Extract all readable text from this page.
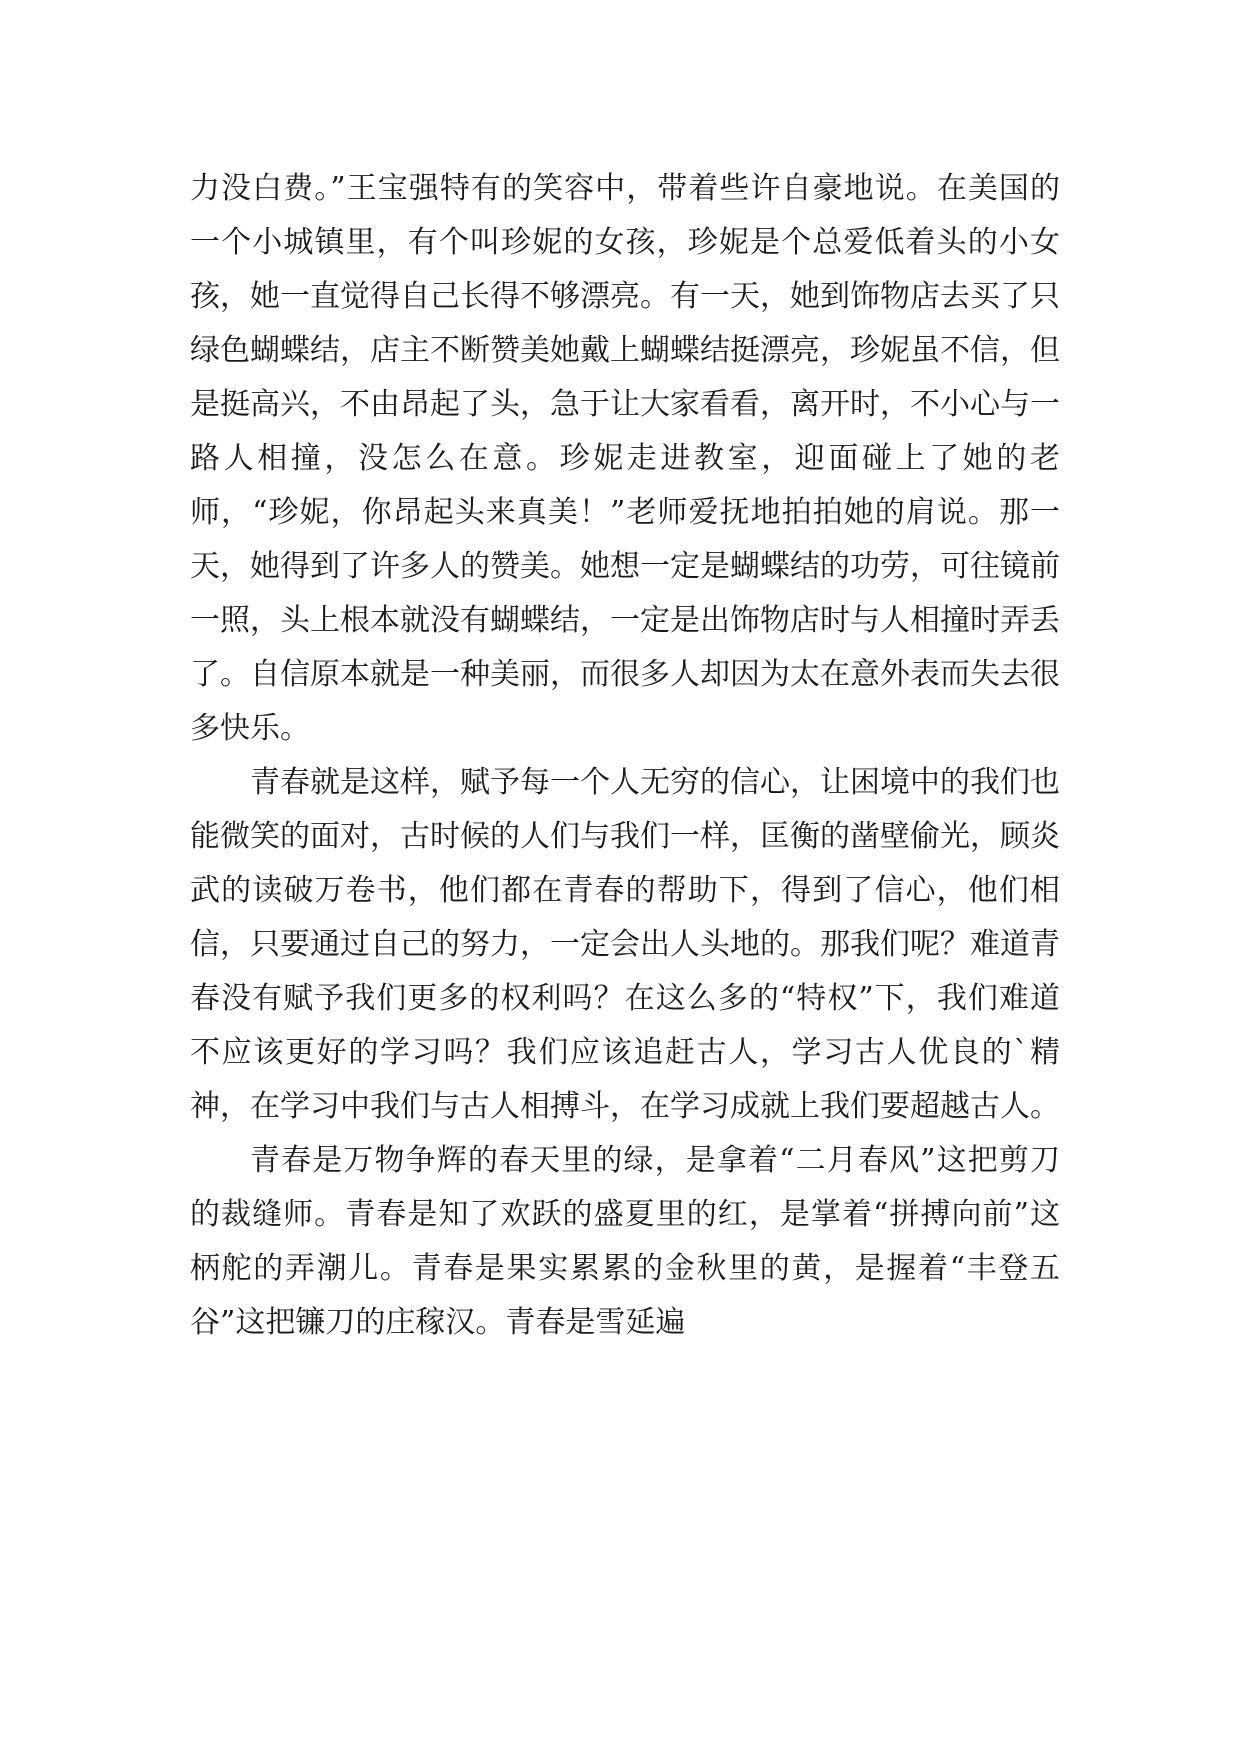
力没白费。”王宝强特有的笑容中，带着些许自豪地说。在美国的一个小城镇里，有个叫珍妮的女孩，珍妮是个总爱低着头的小女孩，她一直觉得自己长得不够漂亮。有一天，她到饰物店去买了只绿色蝴蝶结，店主不断赞美她戴上蝴蝶结挺漂亮，珍妮虽不信，但是挺高兴，不由昂起了头，急于让大家看看，离开时，不小心与一路人相撞，没怎么在意。珍妮走进教室，迎面碰上了她的老师，“珍妮，你昂起头来真美！”老师爱抚地拍拍她的肩说。那一天，她得到了许多人的赞美。她想一定是蝴蝶结的功劳，可往镜前一照，头上根本就没有蝴蝶结，一定是出饰物店时与人相撞时弄丢了。自信原本就是一种美丽，而很多人却因为太在意外表而失去很多快乐。

青春就是这样，赋予每一个人无穷的信心，让困境中的我们也能微笑的面对，古时候的人们与我们一样，匡衡的凿壁偷光，顾炎武的读破万卷书，他们都在青春的帮助下，得到了信心，他们相信，只要通过自己的努力，一定会出人头地的。那我们呢？难道青春没有赋予我们更多的权利吗？在这么多的“特权”下，我们难道不应该更好的学习吗？我们应该追赶古人，学习古人优良的`精神，在学习中我们与古人相搏斗，在学习成就上我们要超越古人。

青春是万物争辉的春天里的绿，是拿着“二月春风”这把剪刀的裁缝师。青春是知了欢跃的盛夏里的红，是掌着“拼搏向前”这柄舵的弄潮儿。青春是果实累累的金秋里的黄，是握着“丰登五谷”这把镰刀的庄稼汉。青春是雪延遍
